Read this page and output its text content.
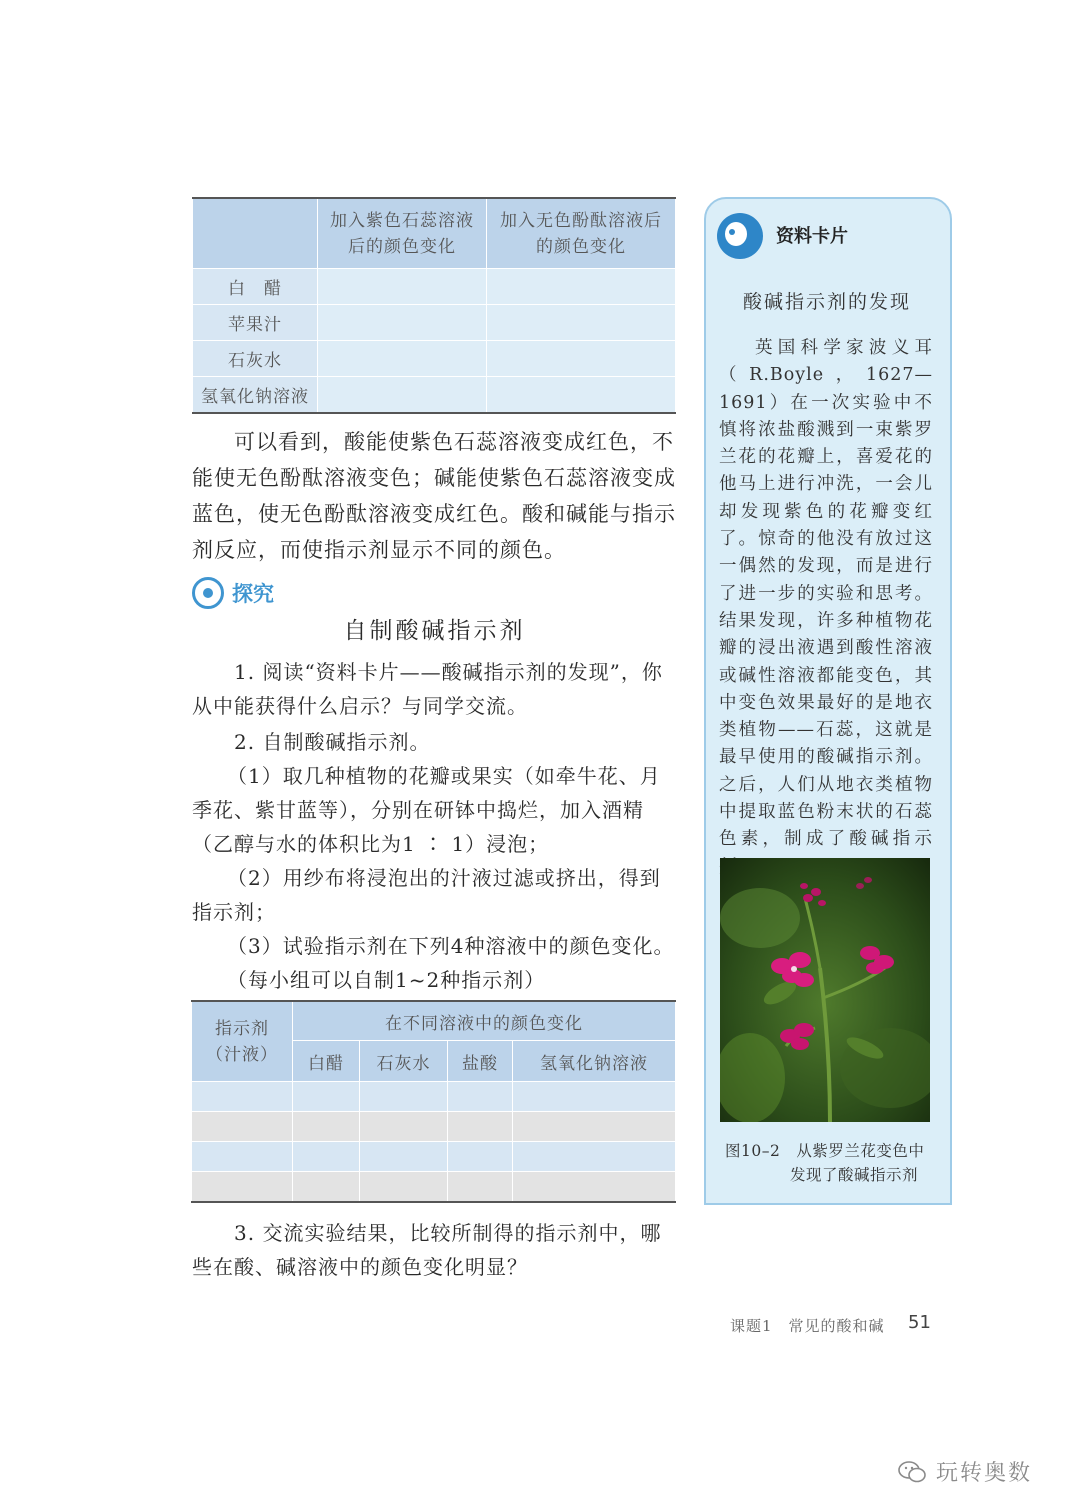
	加入紫色石蕊溶液后的颜色变化	加入无色酚酞溶液后的颜色变化
白　醋		
苹果汁		
石灰水		
氢氧化钠溶液		
可以看到，酸能使紫色石蕊溶液变成红色，不能使无色酚酞溶液变色；碱能使紫色石蕊溶液变成蓝色，使无色酚酞溶液变成红色。酸和碱能与指示剂反应，而使指示剂显示不同的颜色。
探究
自制酸碱指示剂
1. 阅读“资料卡片——酸碱指示剂的发现”，你从中能获得什么启示？与同学交流。
2. 自制酸碱指示剂。
（1）取几种植物的花瓣或果实（如牵牛花、月季花、紫甘蓝等），分别在研钵中捣烂，加入酒精（乙醇与水的体积比为1 ∶ 1）浸泡；
（2）用纱布将浸泡出的汁液过滤或挤出，得到指示剂；
（3）试验指示剂在下列4种溶液中的颜色变化。
（每小组可以自制1~2种指示剂）
指示剂（汁液）	在不同溶液中的颜色变化			
	白醋	石灰水	盐酸	氢氧化钠溶液

3. 交流实验结果，比较所制得的指示剂中，哪些在酸、碱溶液中的颜色变化明显？
资料卡片
酸碱指示剂的发现
英国科学家波义耳（R.Boyle，1627—1691）在一次实验中不慎将浓盐酸溅到一束紫罗兰花的花瓣上，喜爱花的他马上进行冲洗，一会儿却发现紫色的花瓣变红了。惊奇的他没有放过这一偶然的发现，而是进行了进一步的实验和思考。结果发现，许多种植物花瓣的浸出液遇到酸性溶液或碱性溶液都能变色，其中变色效果最好的是地衣类植物——石蕊，这就是最早使用的酸碱指示剂。之后，人们从地衣类植物中提取蓝色粉末状的石蕊色素，制成了酸碱指示
图10–2　从紫罗兰花变色中
发现了酸碱指示剂
课题1　常见的酸和碱 51
玩转奥数
